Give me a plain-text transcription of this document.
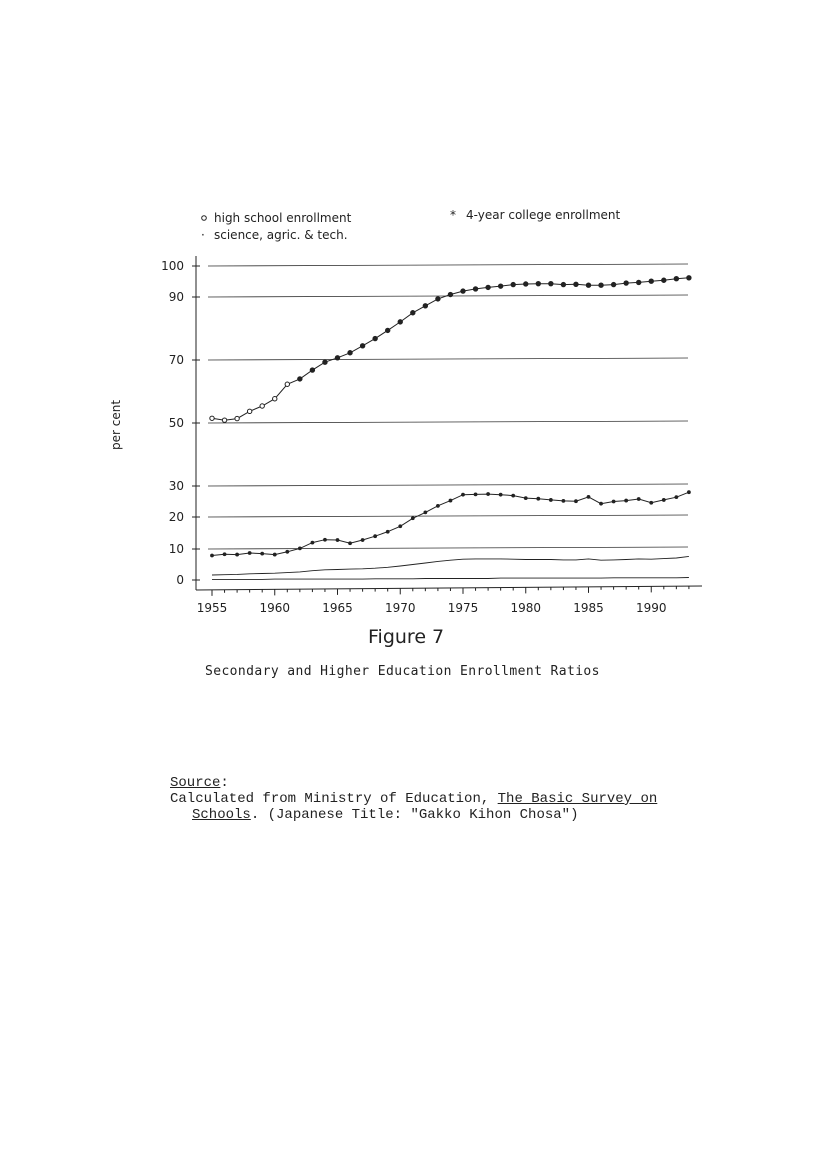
high school enrollment	* 4-year college enrollment
· science, agric. & tech.
per cent
0
10
20
30
50
70
90
100
1955	1960	1965	1970	1975	1980	1985	1990
Figure 7
Secondary and Higher Education Enrollment Ratios
Source:
Calculated from Ministry of Education, The Basic Survey on
Schools. (Japanese Title: "Gakko Kihon Chosa")
